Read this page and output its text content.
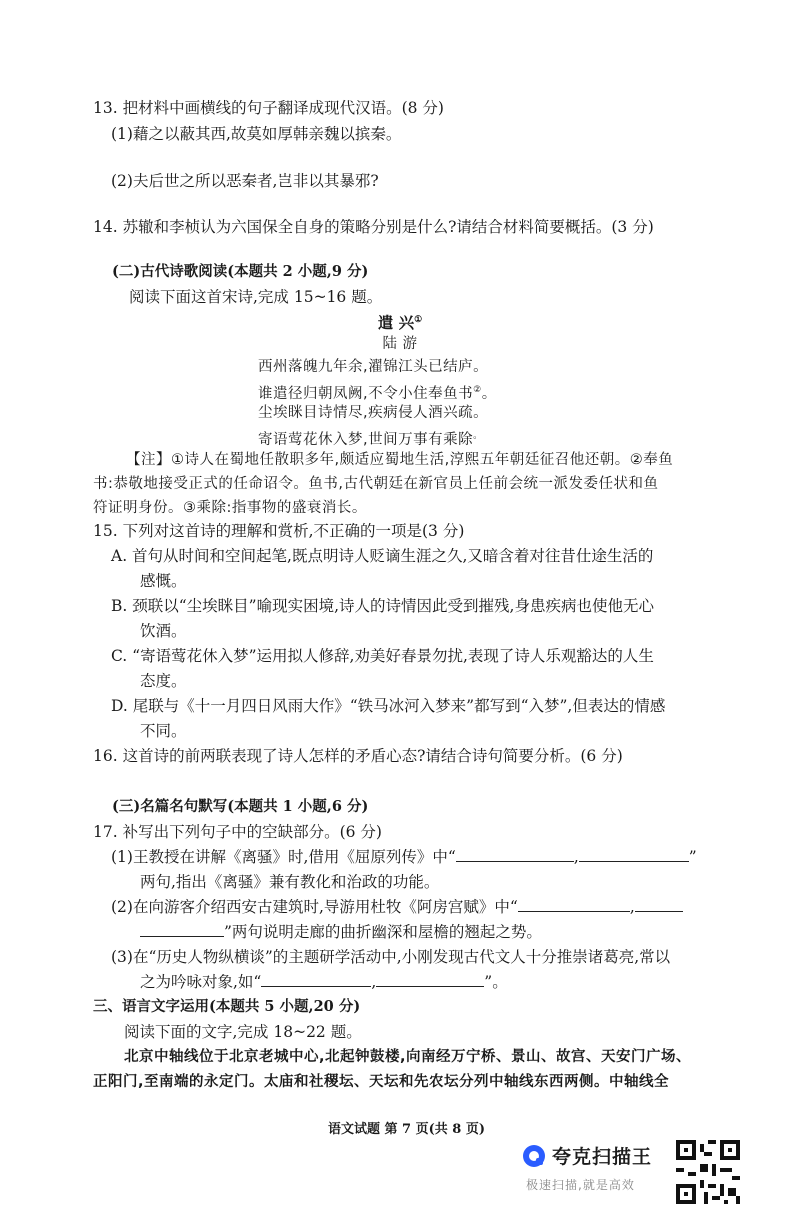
13. 把材料中画横线的句子翻译成现代汉语。(8 分)
(1)藉之以蔽其西,故莫如厚韩亲魏以摈秦。
(2)夫后世之所以恶秦者,岂非以其暴邪?
14. 苏辙和李桢认为六国保全自身的策略分别是什么?请结合材料简要概括。(3 分)
(二)古代诗歌阅读(本题共 2 小题,9 分)
阅读下面这首宋诗,完成 15~16 题。
遣 兴①
陆 游
西州落魄九年余,濯锦江头已结庐。
谁遣径归朝凤阙,不令小住奉鱼书②。
尘埃眯目诗情尽,疾病侵人酒兴疏。
寄语莺花休入梦,世间万事有乘除。
【注】①诗人在蜀地任散职多年,颇适应蜀地生活,淳熙五年朝廷征召他还朝。②奉鱼
书:恭敬地接受正式的任命诏令。鱼书,古代朝廷在新官员上任前会统一派发委任状和鱼
符证明身份。③乘除:指事物的盛衰消长。
15. 下列对这首诗的理解和赏析,不正确的一项是(3 分)
A. 首句从时间和空间起笔,既点明诗人贬谪生涯之久,又暗含着对往昔仕途生活的
感慨。
B. 颈联以“尘埃眯目”喻现实困境,诗人的诗情因此受到摧残,身患疾病也使他无心
饮酒。
C. “寄语莺花休入梦”运用拟人修辞,劝美好春景勿扰,表现了诗人乐观豁达的人生
态度。
D. 尾联与《十一月四日风雨大作》“铁马冰河入梦来”都写到“入梦”,但表达的情感
不同。
16. 这首诗的前两联表现了诗人怎样的矛盾心态?请结合诗句简要分析。(6 分)
(三)名篇名句默写(本题共 1 小题,6 分)
17. 补写出下列句子中的空缺部分。(6 分)
(1)王教授在讲解《离骚》时,借用《屈原列传》中“	,	”
两句,指出《离骚》兼有教化和治政的功能。
(2)在向游客介绍西安古建筑时,导游用杜牧《阿房宫赋》中“	,
”两句说明走廊的曲折幽深和屋檐的翘起之势。
(3)在“历史人物纵横谈”的主题研学活动中,小刚发现古代文人十分推崇诸葛亮,常以
之为吟咏对象,如“	,	”。
三、语言文字运用(本题共 5 小题,20 分)
阅读下面的文字,完成 18~22 题。
北京中轴线位于北京老城中心,北起钟鼓楼,向南经万宁桥、景山、故宫、天安门广场、
正阳门,至南端的永定门。太庙和社稷坛、天坛和先农坛分列中轴线东西两侧。中轴线全
语文试题 第 7 页(共 8 页)
夸克扫描王
极速扫描,就是高效
